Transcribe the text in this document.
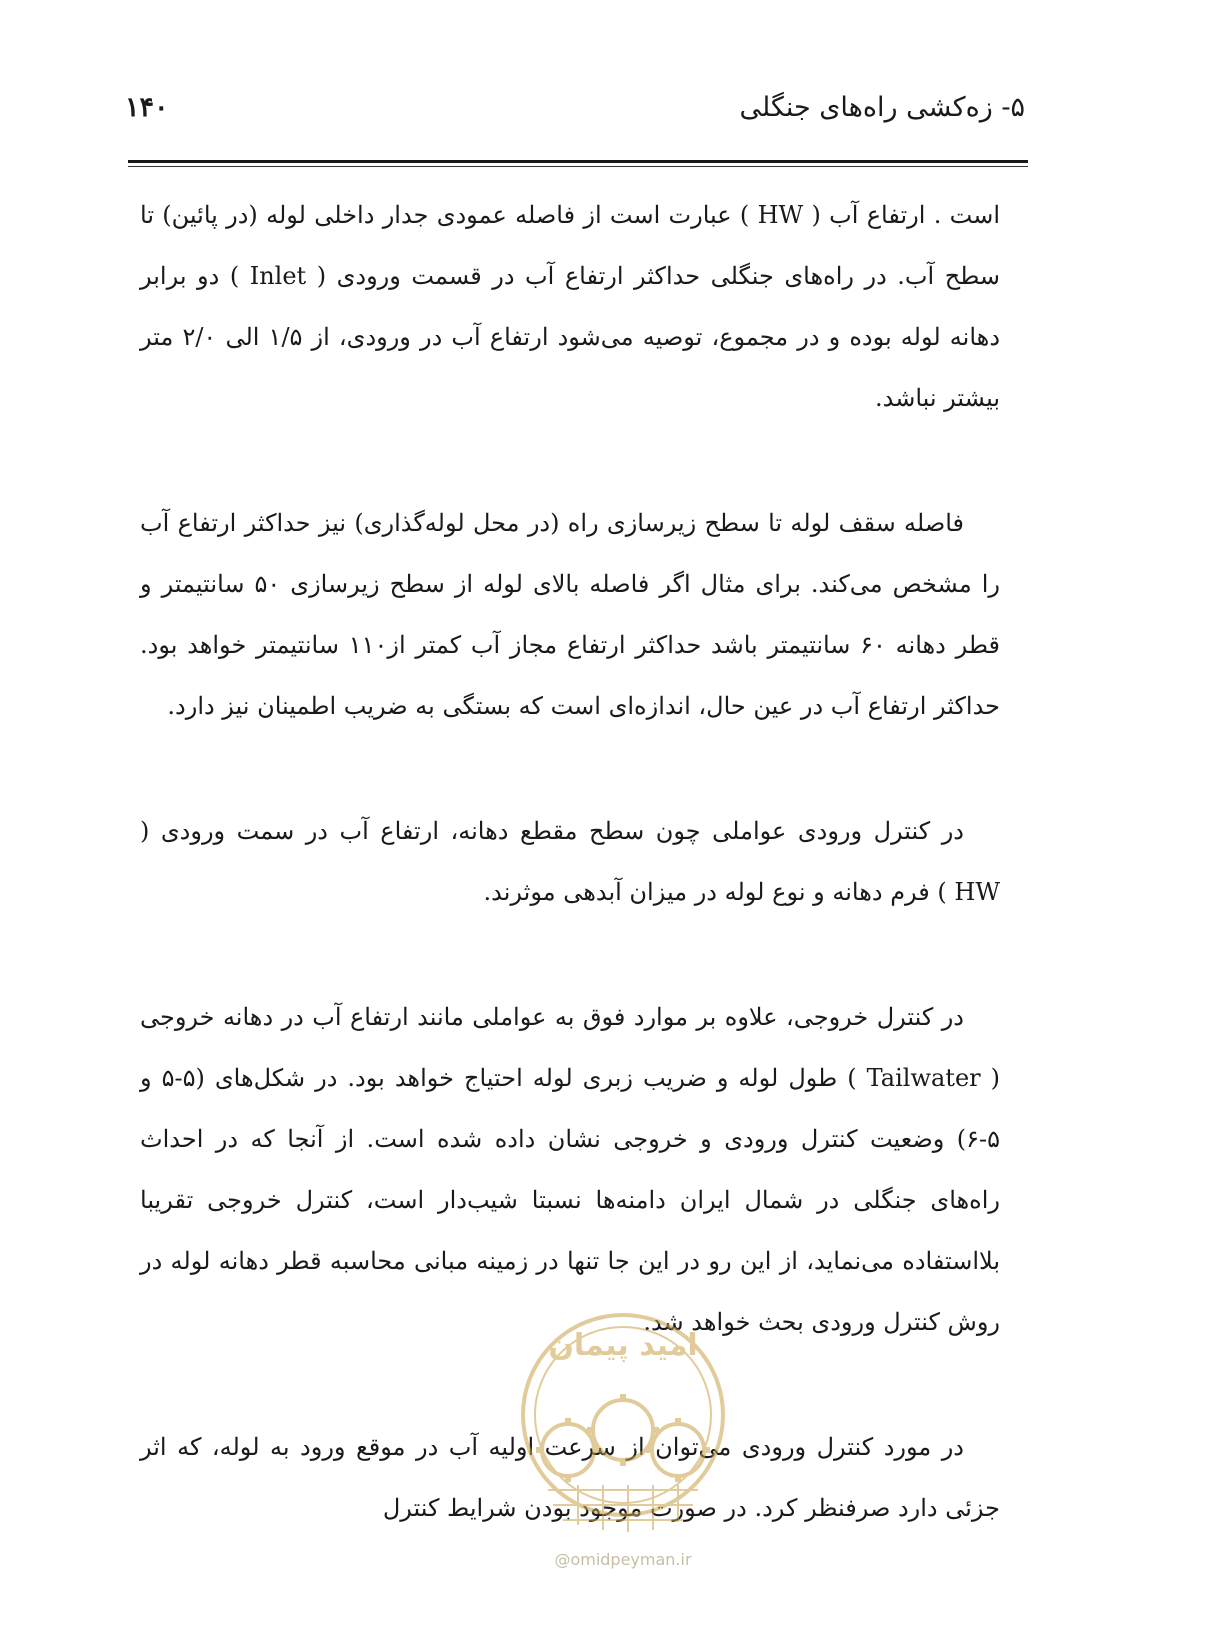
۵- زه‌کشی راه‌های جنگلی
۱۴۰

است . ارتفاع آب ( HW ) عبارت است از فاصله عمودی جدار داخلی لوله (در پائین) تا سطح آب. در راه‌های جنگلی حداکثر ارتفاع آب در قسمت ورودی ( Inlet ) دو برابر دهانه لوله بوده و در مجموع، توصیه می‌شود ارتفاع آب در ورودی، از ۱/۵ الی ۲/۰ متر بیشتر نباشد.

فاصله سقف لوله تا سطح زیرسازی راه (در محل لوله‌گذاری) نیز حداکثر ارتفاع آب را مشخص می‌کند. برای مثال اگر فاصله بالای لوله از سطح زیرسازی ۵۰ سانتیمتر و قطر دهانه ۶۰ سانتیمتر باشد حداکثر ارتفاع مجاز آب کمتر از۱۱۰ سانتیمتر خواهد بود. حداکثر ارتفاع آب در عین حال، اندازه‌ای است که بستگی به ضریب اطمینان نیز دارد.

در کنترل ورودی عواملی چون سطح مقطع دهانه، ارتفاع آب در سمت ورودی ( HW ) فرم دهانه و نوع لوله در میزان آبدهی موثرند.

در کنترل خروجی، علاوه بر موارد فوق به عواملی مانند ارتفاع آب در دهانه خروجی ( Tailwater ) طول لوله و ضریب زبری لوله احتیاج خواهد بود. در شکل‌های (۵-۵ و ۵-۶) وضعیت کنترل ورودی و خروجی نشان داده شده است. از آنجا که در احداث راه‌های جنگلی در شمال ایران دامنه‌ها نسبتا شیب‌دار است، کنترل خروجی تقریبا بلااستفاده می‌نماید، از این رو در این جا تنها در زمینه مبانی محاسبه قطر دهانه لوله در روش کنترل ورودی بحث خواهد شد.

در مورد کنترل ورودی می‌توان از سرعت اولیه آب در موقع ورود به لوله، که اثر جزئی دارد صرفنظر کرد. در صورت موجود بودن شرایط کنترل

امید پیمان
@omidpeyman.ir
